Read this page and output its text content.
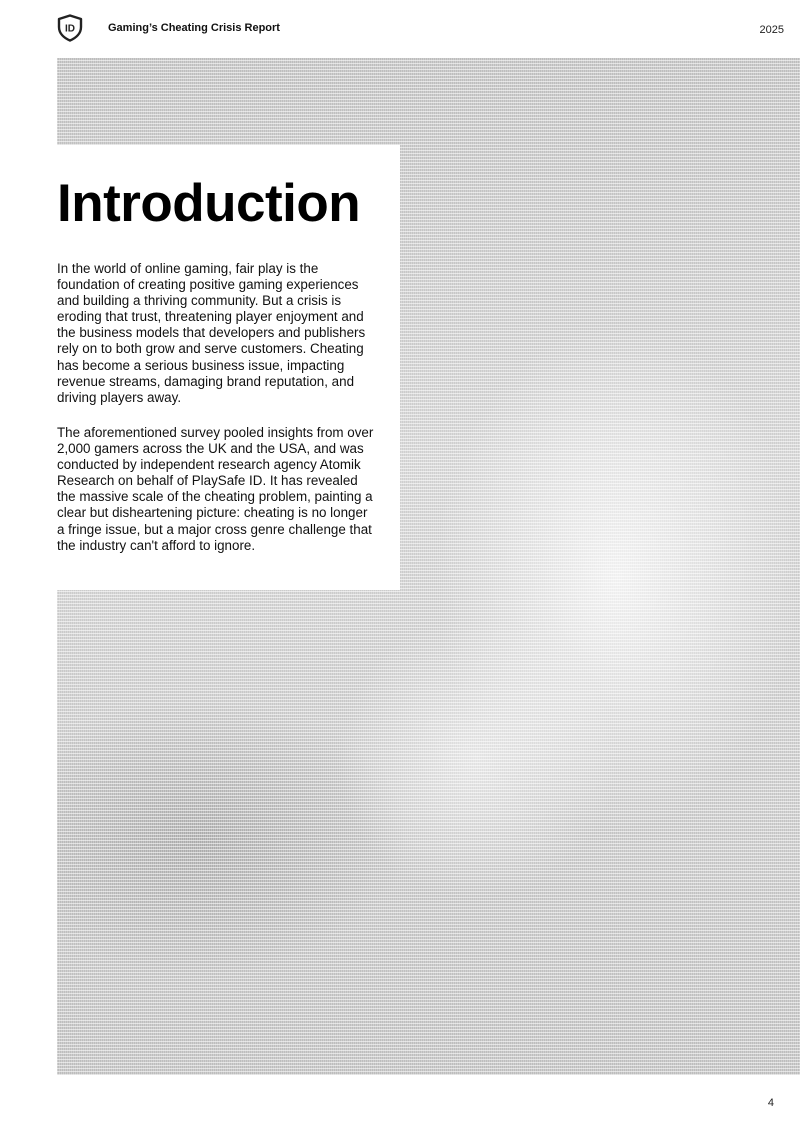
ID	Gaming’s Cheating Crisis Report	2025
Introduction

In the world of online gaming, fair play is the foundation of creating positive gaming experiences and building a thriving community. But a crisis is eroding that trust, threatening player enjoyment and the business models that developers and publishers rely on to both grow and serve customers. Cheating has become a serious business issue, impacting revenue streams, damaging brand reputation, and driving players away.

The aforementioned survey pooled insights from over 2,000 gamers across the UK and the USA, and was conducted by independent research agency Atomik Research on behalf of PlaySafe ID. It has revealed the massive scale of the cheating problem, painting a clear but disheartening picture: cheating is no longer a fringe issue, but a major cross genre challenge that the industry can't afford to ignore.

4
